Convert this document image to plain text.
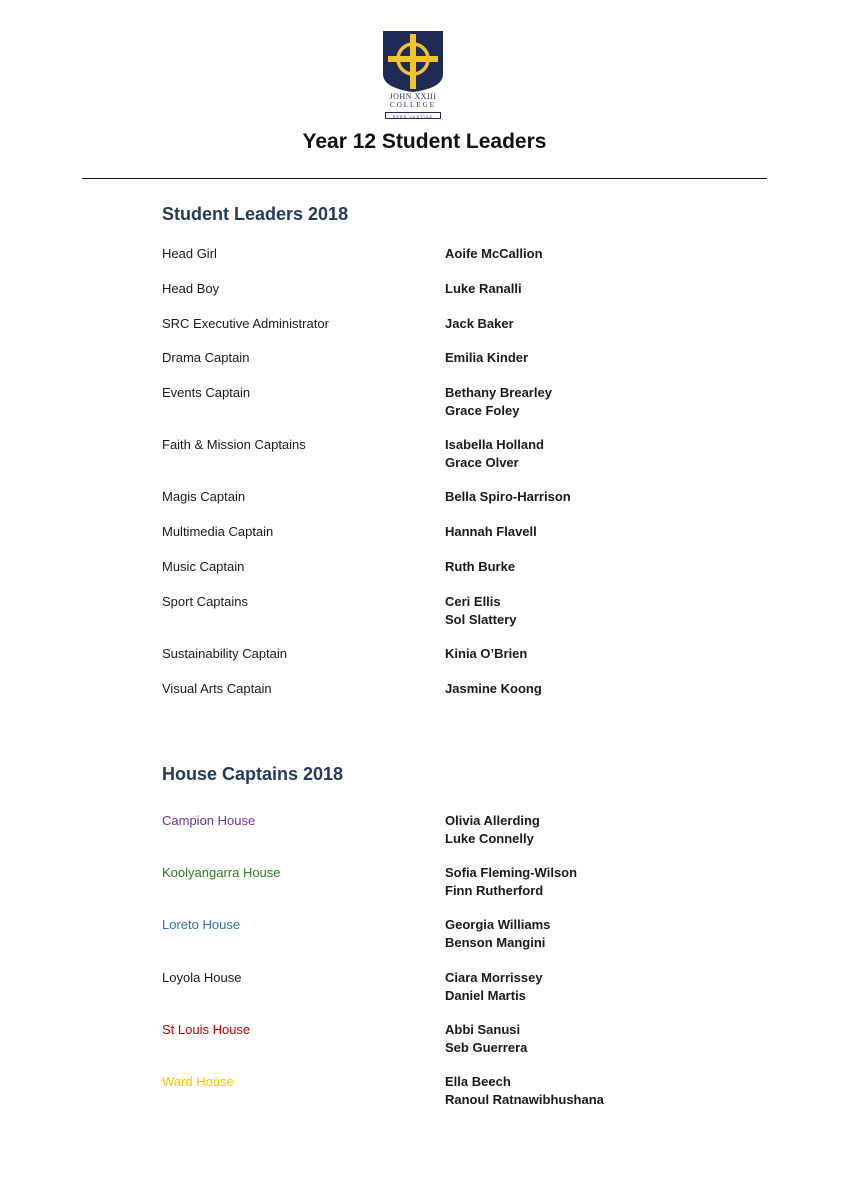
JOHN XXIII
COLLEGE
SEEK JUSTICE
Year 12 Student Leaders
Student Leaders 2018
Head Girl	Aoife McCallion
Head Boy	Luke Ranalli
SRC Executive Administrator	Jack Baker
Drama Captain	Emilia Kinder
Events Captain	Bethany Brearley
Grace Foley
Faith & Mission Captains	Isabella Holland
Grace Olver
Magis Captain	Bella Spiro-Harrison
Multimedia Captain	Hannah Flavell
Music Captain	Ruth Burke
Sport Captains	Ceri Ellis
Sol Slattery
Sustainability Captain	Kinia O’Brien
Visual Arts Captain	Jasmine Koong
House Captains 2018
Campion House	Olivia Allerding
Luke Connelly
Koolyangarra House	Sofia Fleming-Wilson
Finn Rutherford
Loreto House	Georgia Williams
Benson Mangini
Loyola House	Ciara Morrissey
Daniel Martis
St Louis House	Abbi Sanusi
Seb Guerrera
Ward House	Ella Beech
Ranoul Ratnawibhushana
